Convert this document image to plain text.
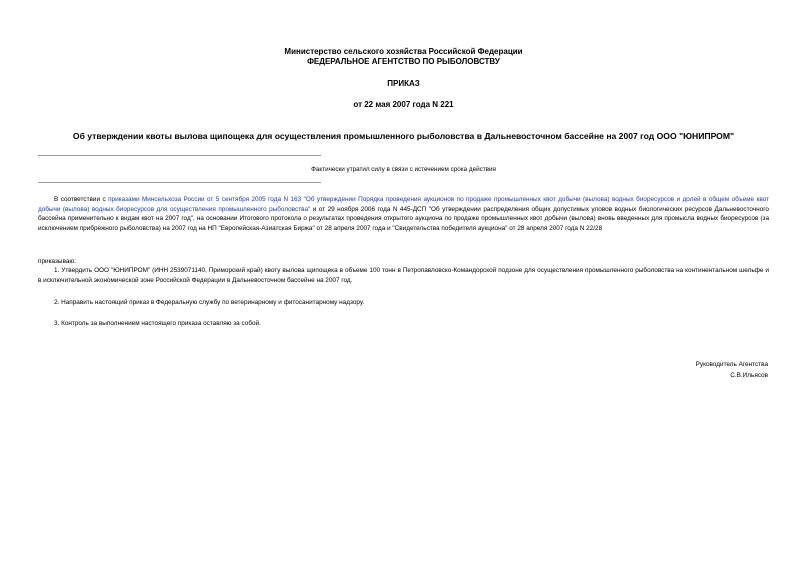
Министерство сельского хозяйства Российской Федерации
ФЕДЕРАЛЬНОЕ АГЕНТСТВО ПО РЫБОЛОВСТВУ
ПРИКАЗ
от 22 мая 2007 года N 221
Об утверждении квоты вылова щипощека для осуществления промышленного рыболовства в Дальневосточном бассейне на 2007 год ООО "ЮНИПРОМ"
Фактически утратил силу в связи с истечением срока действия
В соответствии с приказами Минсельхоза России от 5 сентября 2005 года N 163 "Об утверждении Порядка проведения аукционов по продаже промышленных квот добычи (вылова) водных биоресурсов и долей в общем объеме квот добычи (вылова) водных биоресурсов для осуществления промышленного рыболовства" и от 29 ноября 2006 года N 445-ДСП "Об утверждении распределения общих допустимых уловов водных биологических ресурсов Дальневосточного бассейна применительно к видам квот на 2007 год", на основании Итогового протокола о результатах проведения открытого аукциона по продаже промышленных квот добычи (вылова) вновь введенных для промысла водных биоресурсов (за исключением прибрежного рыболовства) на 2007 год на НП "Европейская-Азиатская Биржа" от 28 апреля 2007 года и "Свидетельства победителя аукциона" от 28 апреля 2007 года N 22/28
приказываю:
1. Утвердить ООО "ЮНИПРОМ" (ИНН 2539071140, Приморский край) квоту вылова щипощека в объеме 100 тонн в Петропавловско-Командорской подзоне для осуществления промышленного рыболовства на континентальном шельфе и в исключительной экономической зоне Российской Федерации в Дальневосточном бассейне на 2007 год.
2. Направить настоящий приказ в Федеральную службу по ветеринарному и фитосанитарному надзору.
3. Контроль за выполнением настоящего приказа оставляю за собой.
Руководитель Агентства
С.В.Ильясов
